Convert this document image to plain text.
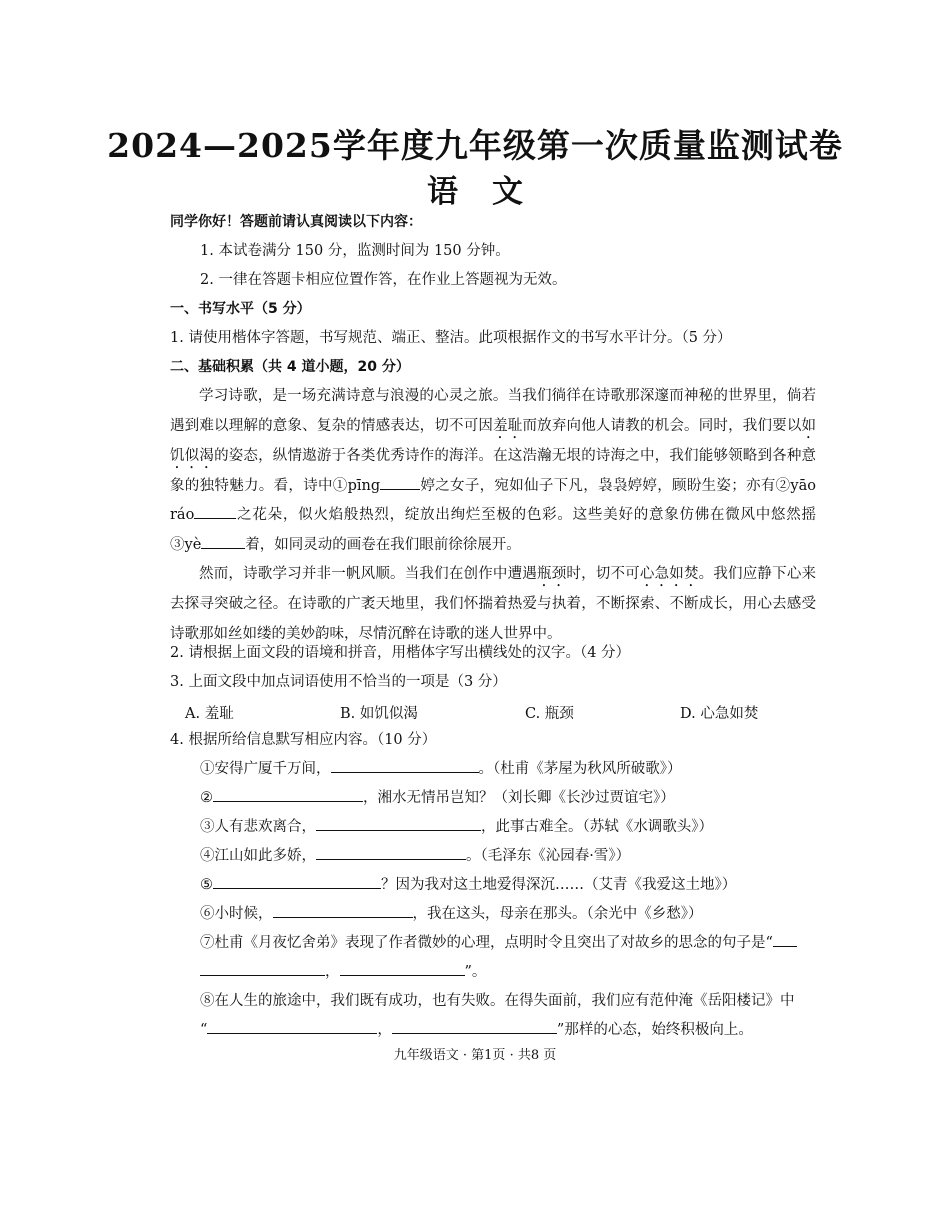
2024—2025学年度九年级第一次质量监测试卷
语文
同学你好！答题前请认真阅读以下内容：
1. 本试卷满分 150 分，监测时间为 150 分钟。
2. 一律在答题卡相应位置作答，在作业上答题视为无效。
一、书写水平（5 分）
1. 请使用楷体字答题，书写规范、端正、整洁。此项根据作文的书写水平计分。（5 分）
二、基础积累（共 4 道小题，20 分）

学习诗歌，是一场充满诗意与浪漫的心灵之旅。当我们徜徉在诗歌那深邃而神秘的世界里，倘若遇到难以理解的意象、复杂的情感表达，切不可因羞耻而放弃向他人请教的机会。同时，我们要以如饥似渴的姿态，纵情遨游于各类优秀诗作的海洋。在这浩瀚无垠的诗海之中，我们能够领略到各种意象的独特魅力。看，诗中①pīng	婷之女子，宛如仙子下凡，袅袅婷婷，顾盼生姿；亦有②yāo　ráo	之花朵，似火焰般热烈，绽放出绚烂至极的色彩。这些美好的意象仿佛在微风中悠然摇③yè	着，如同灵动的画卷在我们眼前徐徐展开。

然而，诗歌学习并非一帆风顺。当我们在创作中遭遇瓶颈时，切不可心急如焚。我们应静下心来去探寻突破之径。在诗歌的广袤天地里，我们怀揣着热爱与执着，不断探索、不断成长，用心去感受诗歌那如丝如缕的美妙韵味，尽情沉醉在诗歌的迷人世界中。

2. 请根据上面文段的语境和拼音，用楷体字写出横线处的汉字。（4 分）
3. 上面文段中加点词语使用不恰当的一项是（3 分）
A. 羞耻	B. 如饥似渴	C. 瓶颈	D. 心急如焚
4. 根据所给信息默写相应内容。（10 分）
①安得广厦千万间，	。（杜甫《茅屋为秋风所破歌》）
②	，湘水无情吊岂知？（刘长卿《长沙过贾谊宅》）
③人有悲欢离合，	，此事古难全。（苏轼《水调歌头》）
④江山如此多娇，	。（毛泽东《沁园春·雪》）
⑤	？因为我对这土地爱得深沉……（艾青《我爱这土地》）
⑥小时候，	，我在这头，母亲在那头。（余光中《乡愁》）
⑦杜甫《月夜忆舍弟》表现了作者微妙的心理，点明时令且突出了对故乡的思念的句子是“
，	”。
⑧在人生的旅途中，我们既有成功，也有失败。在得失面前，我们应有范仲淹《岳阳楼记》中
“	，	”那样的心态，始终积极向上。
九年级语文 · 第1页 · 共8 页
